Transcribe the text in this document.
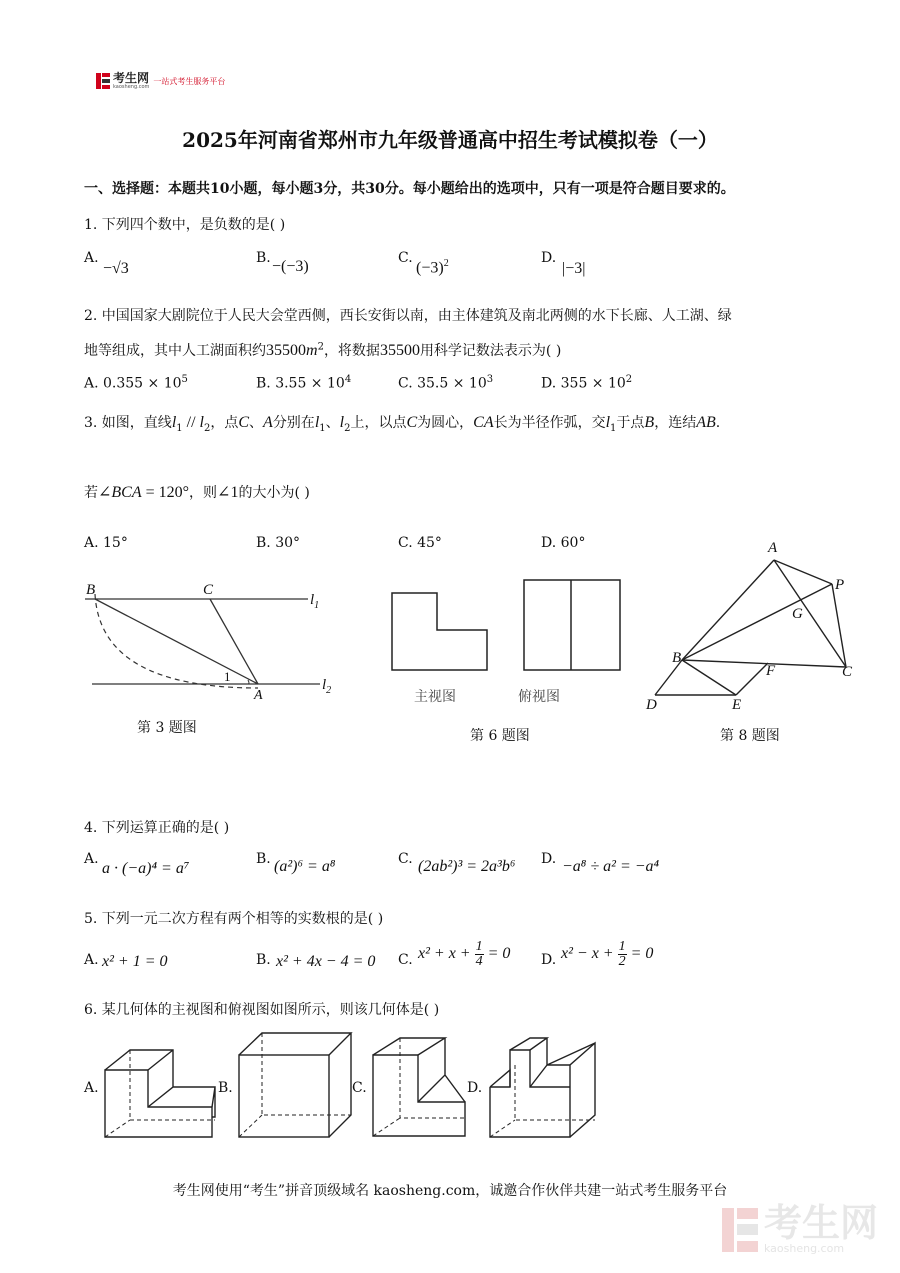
考生网
kaosheng.com
一站式考生服务平台
2025年河南省郑州市九年级普通高中招生考试模拟卷（一）
一、选择题：本题共10小题，每小题3分，共30分。每小题给出的选项中，只有一项是符合题目要求的。
1. 下列四个数中，是负数的是( )
A.
−√3
B. −(−3)	C.
$(-3)^2$	D.
|−3|
2. 中国国家大剧院位于人民大会堂西侧，西长安街以南，由主体建筑及南北两侧的水下长廊、人工湖、绿
地等组成，其中人工湖面积约$35500m^2$，将数据35500用科学记数法表示为( )
A. $0.355 \times 10^5$	B. $3.55 \times 10^4$	C. $35.5 \times 10^3$	D. $355 \times 10^2$
3. 如图，直线$l_1 // l_2$，点C、A分别在$l_1$、$l_2$上，以点C为圆心，CA长为半径作弧，交$l_1$于点B，连结AB.
若∠BCA = 120°，则∠1的大小为( )
A. 15°	B. 30°	C. 45°	D. 60°
B	C
A
$l_1$
$l_2$
1
第 3 题图
主视图	俯视图
第 6 题图
A
P
G
B
F	C
D	E
第 8 题图
4. 下列运算正确的是( )
A.
a · (−a)⁴ = a⁷
B. (a²)⁶ = a⁸	C. (2ab²)³ = 2a³b⁶ D. −a⁸ ÷ a² = −a⁴
5. 下列一元二次方程有两个相等的实数根的是( )
A. x² + 1 = 0	B. x² + 4x − 4 = 0 C. $x^2 + x + \frac{1}{4} = 0$ D. $x^2 - x + \frac{1}{2} = 0$
6. 某几何体的主视图和俯视图如图所示，则该几何体是( )
A.	B.	C.	D.
考生网使用“考生”拼音顶级域名 kaosheng.com，诚邀合作伙伴共建一站式考生服务平台
考生网
kaosheng.com
